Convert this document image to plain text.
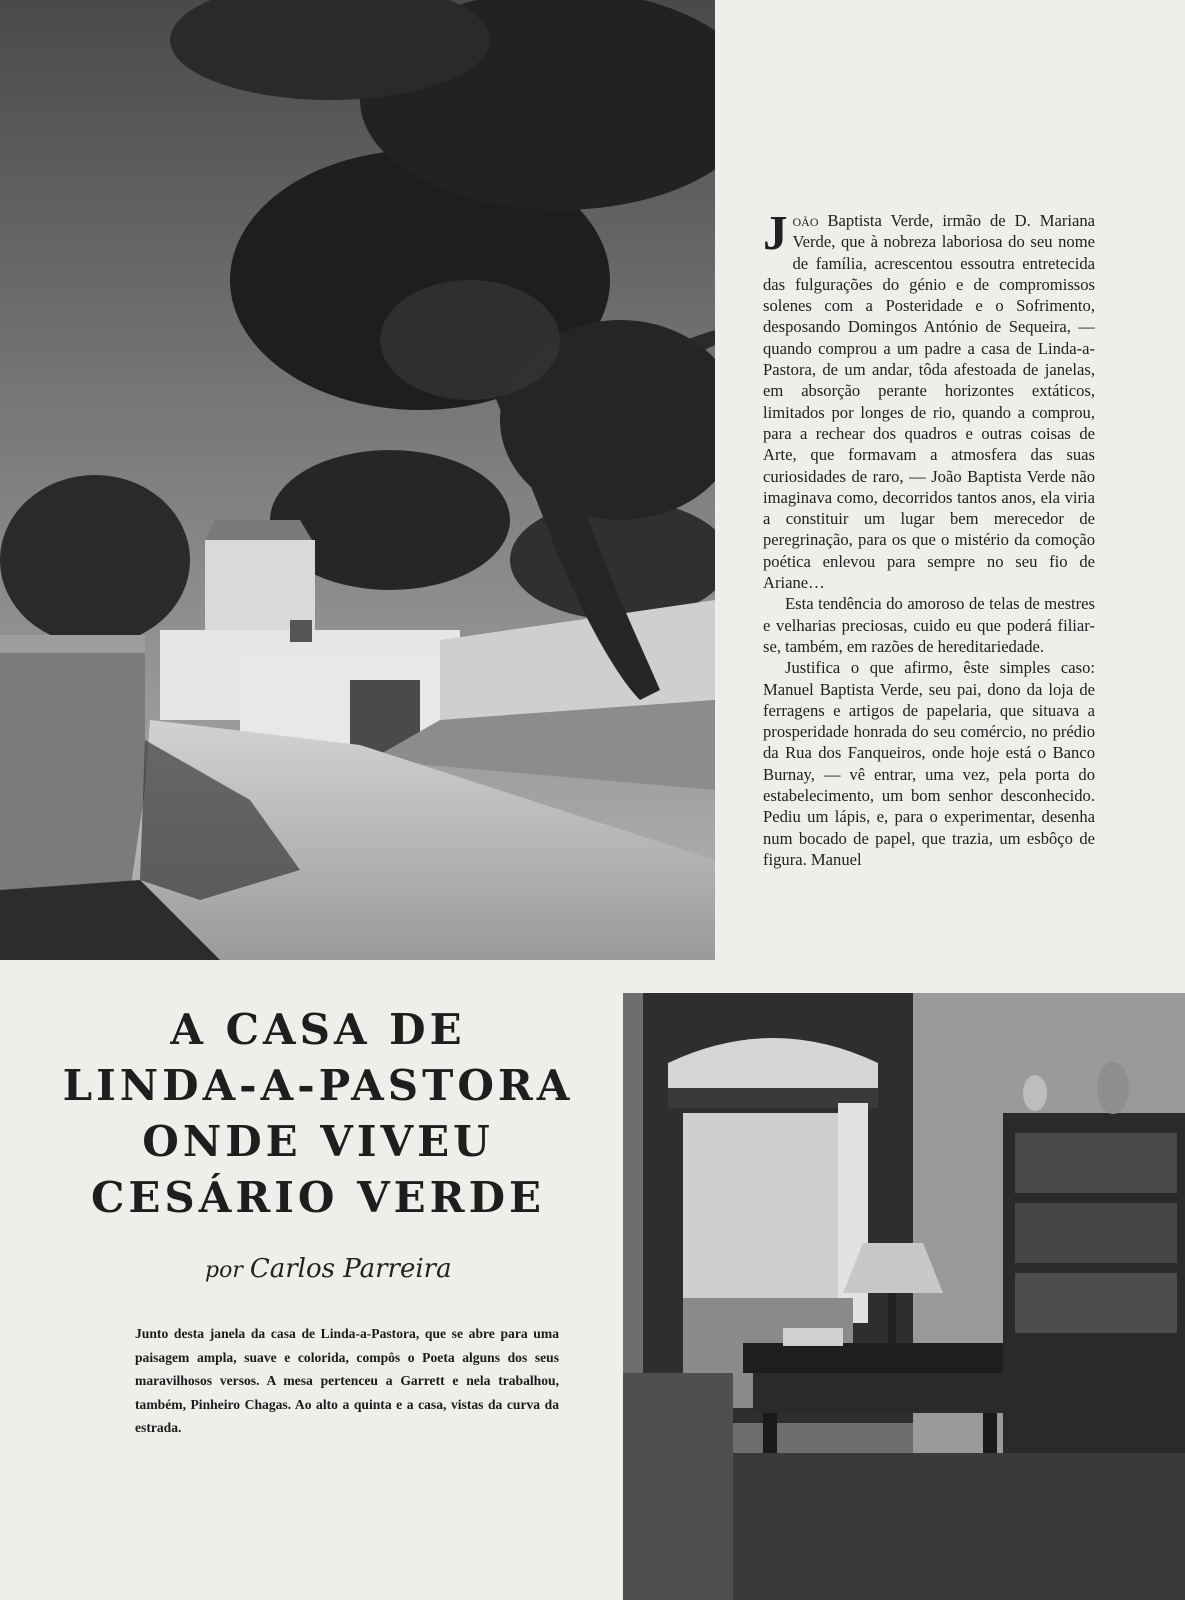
João Baptista Verde, irmão de D. Mariana Verde, que à nobreza laboriosa do seu nome de família, acrescentou essoutra entretecida das fulgurações do génio e de compromissos solenes com a Posteridade e o Sofrimento, desposando Domingos António de Sequeira, — quando comprou a um padre a casa de Linda-a-Pastora, de um andar, tôda afestoada de janelas, em absorção perante horizontes extáticos, limitados por longes de rio, quando a comprou, para a rechear dos quadros e outras coisas de Arte, que formavam a atmosfera das suas curiosidades de raro, — João Baptista Verde não imaginava como, decorridos tantos anos, ela viria a constituir um lugar bem merecedor de peregrinação, para os que o mistério da comoção poética enlevou para sempre no seu fio de Ariane…

Esta tendência do amoroso de telas de mestres e velharias preciosas, cuido eu que poderá filiar-se, também, em razões de hereditariedade.

Justifica o que afirmo, êste simples caso: Manuel Baptista Verde, seu pai, dono da loja de ferragens e artigos de papelaria, que situava a prosperidade honrada do seu comércio, no prédio da Rua dos Fanqueiros, onde hoje está o Banco Burnay, — vê entrar, uma vez, pela porta do estabelecimento, um bom senhor desconhecido. Pediu um lápis, e, para o experimentar, desenha num bocado de papel, que trazia, um esbôço de figura. Manuel

A CASA DE
LINDA-A-PASTORA
ONDE VIVEU
CESÁRIO VERDE
por Carlos Parreira
Junto desta janela da casa de Linda-a-Pastora, que se abre para uma paisagem ampla, suave e colorida, compôs o Poeta alguns dos seus maravilhosos versos. A mesa pertenceu a Garrett e nela trabalhou, também, Pinheiro Chagas. Ao alto a quinta e a casa, vistas da curva da estrada.
